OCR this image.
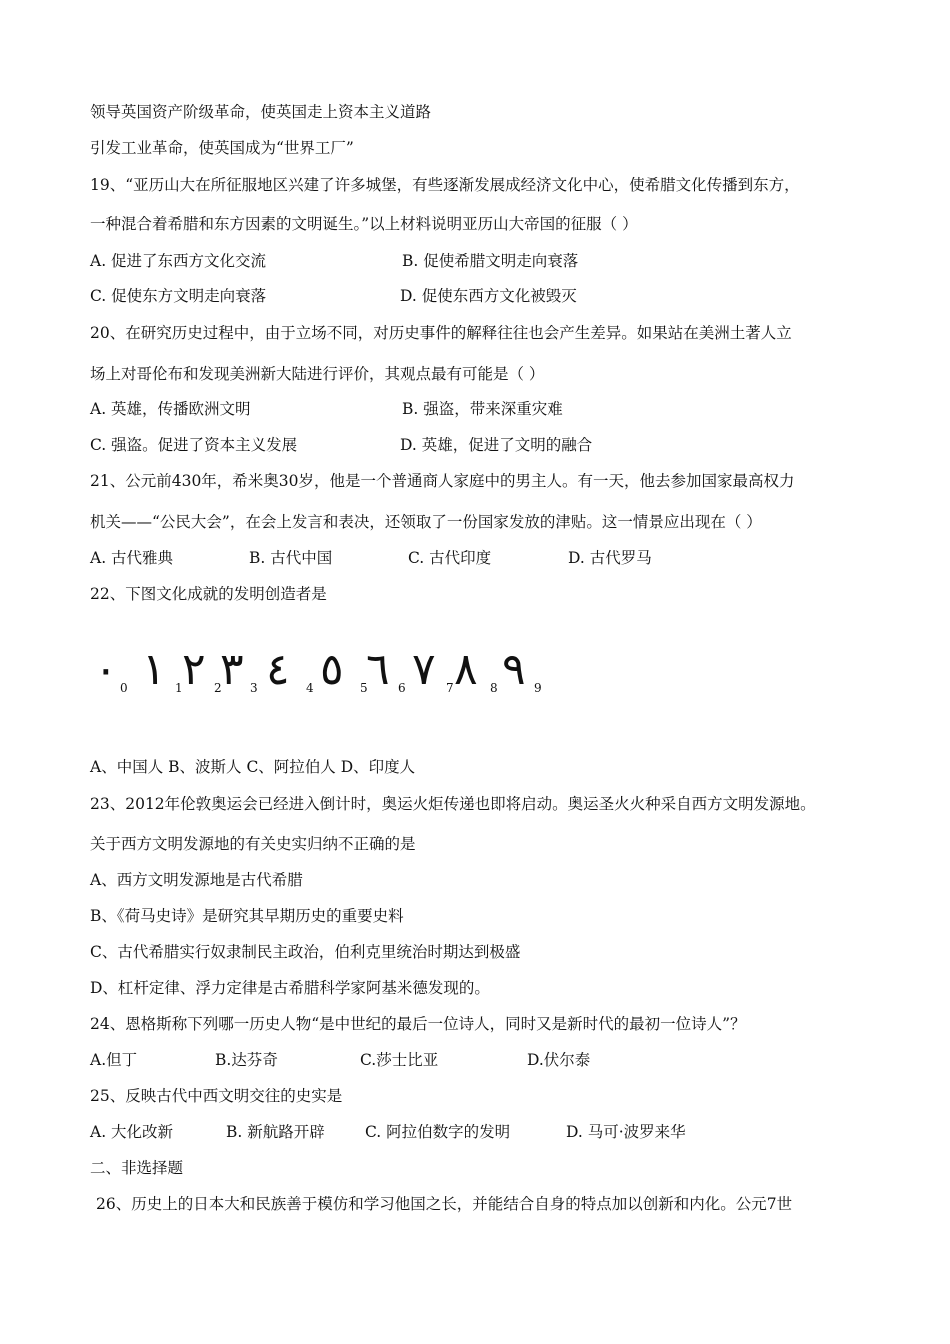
领导英国资产阶级革命，使英国走上资本主义道路
引发工业革命，使英国成为“世界工厂”
19、“亚历山大在所征服地区兴建了许多城堡，有些逐渐发展成经济文化中心，使希腊文化传播到东方，
一种混合着希腊和东方因素的文明诞生。”以上材料说明亚历山大帝国的征服（ ）
A. 促进了东西方文化交流	B. 促使希腊文明走向衰落
C. 促使东方文明走向衰落	D. 促使东西方文化被毁灭
20、在研究历史过程中，由于立场不同，对历史事件的解释往往也会产生差异。如果站在美洲土著人立
场上对哥伦布和发现美洲新大陆进行评价，其观点最有可能是（ ）
A. 英雄，传播欧洲文明	B. 强盗，带来深重灾难
C. 强盗。促进了资本主义发展	D. 英雄，促进了文明的融合
21、公元前430年，希米奥30岁，他是一个普通商人家庭中的男主人。有一天，他去参加国家最高权力
机关——“公民大会”，在会上发言和表决，还领取了一份国家发放的津贴。这一情景应出现在（ ）
A. 古代雅典	B. 古代中国	C. 古代印度	D. 古代罗马
22、下图文化成就的发明创造者是
٠ 0 ١ 1 ٢ 2
٣ 3 ٤ 4 ٥ 5
٦ 6 ٧ 7 ٨ 8 ٩ 9
A、中国人 B、波斯人 C、阿拉伯人 D、印度人
23、2012年伦敦奥运会已经进入倒计时，奥运火炬传递也即将启动。奥运圣火火种采自西方文明发源地。
关于西方文明发源地的有关史实归纳不正确的是
A、西方文明发源地是古代希腊
B、《荷马史诗》是研究其早期历史的重要史料
C、古代希腊实行奴隶制民主政治，伯利克里统治时期达到极盛
D、杠杆定律、浮力定律是古希腊科学家阿基米德发现的。
24、恩格斯称下列哪一历史人物“是中世纪的最后一位诗人，同时又是新时代的最初一位诗人”？
A.但丁	B.达芬奇	C.莎士比亚	D.伏尔泰
25、反映古代中西文明交往的史实是
A. 大化改新	B. 新航路开辟	C. 阿拉伯数字的发明	D. 马可·波罗来华
二、非选择题
26、历史上的日本大和民族善于模仿和学习他国之长，并能结合自身的特点加以创新和内化。公元7世
